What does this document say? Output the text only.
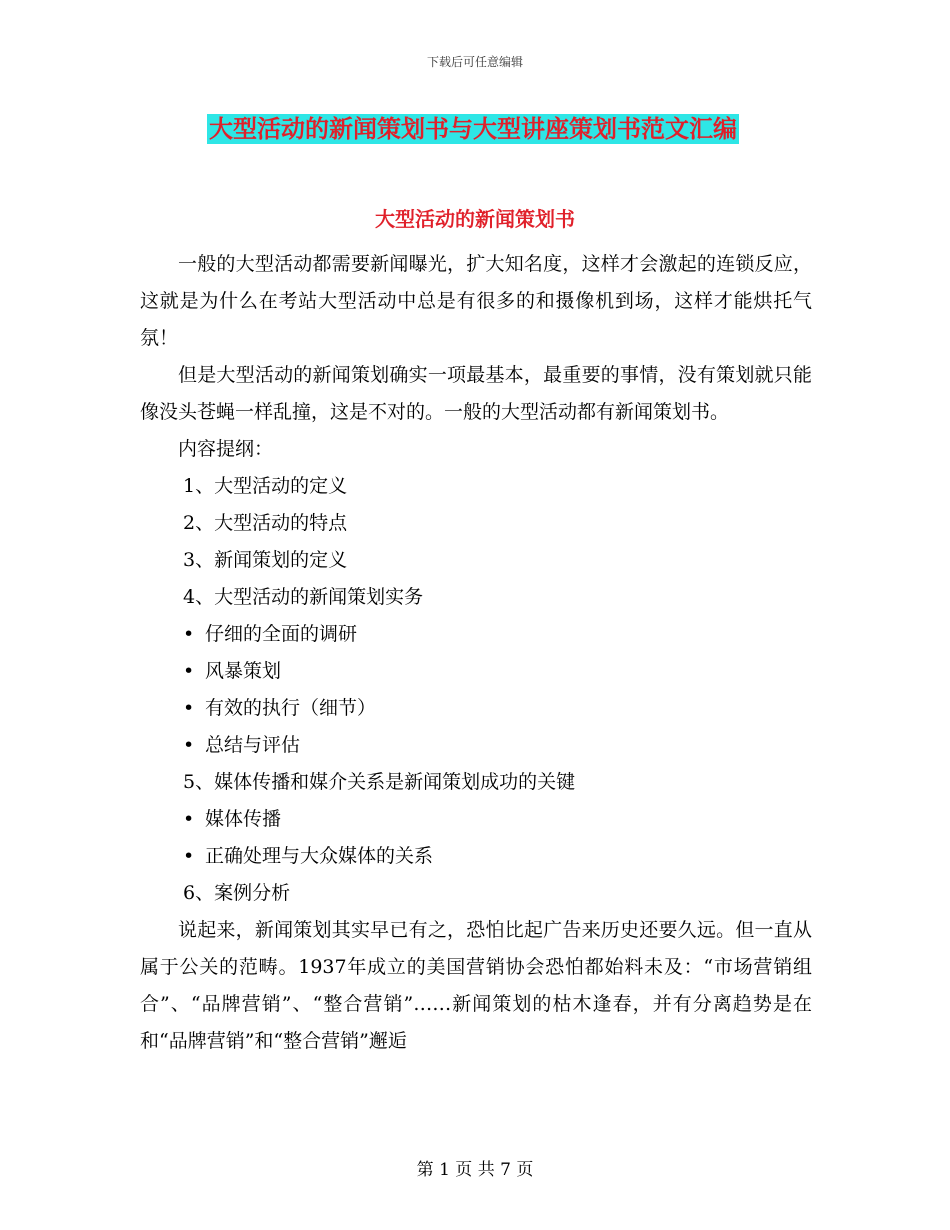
下载后可任意编辑
大型活动的新闻策划书与大型讲座策划书范文汇编
大型活动的新闻策划书

一般的大型活动都需要新闻曝光，扩大知名度，这样才会激起的连锁反应，这就是为什么在考站大型活动中总是有很多的和摄像机到场，这样才能烘托气氛！

但是大型活动的新闻策划确实一项最基本，最重要的事情，没有策划就只能像没头苍蝇一样乱撞，这是不对的。一般的大型活动都有新闻策划书。

内容提纲：

1、大型活动的定义

2、大型活动的特点

3、新闻策划的定义

4、大型活动的新闻策划实务

• 仔细的全面的调研

• 风暴策划

• 有效的执行（细节）

• 总结与评估

5、媒体传播和媒介关系是新闻策划成功的关键

• 媒体传播

• 正确处理与大众媒体的关系

6、案例分析

说起来，新闻策划其实早已有之，恐怕比起广告来历史还要久远。但一直从属于公关的范畴。1937年成立的美国营销协会恐怕都始料未及：“市场营销组合”、“品牌营销”、“整合营销”……新闻策划的枯木逢春，并有分离趋势是在和“品牌营销”和“整合营销”邂逅

第 1 页 共 7 页
